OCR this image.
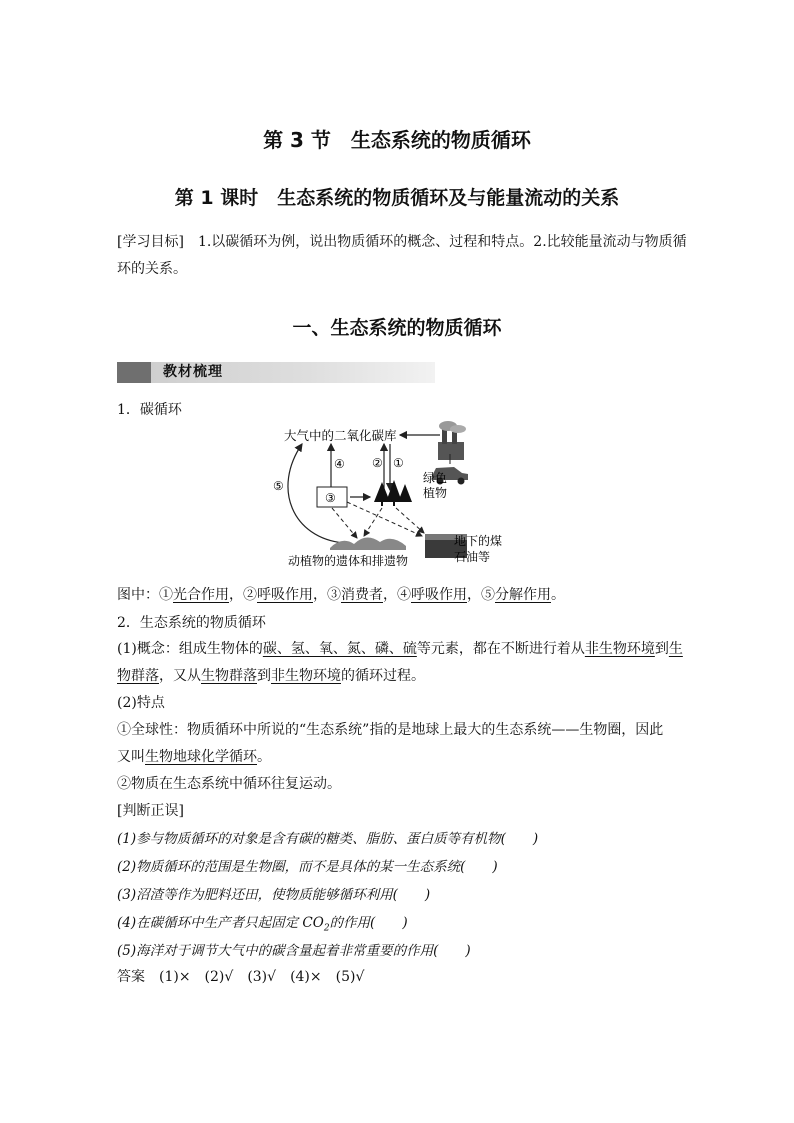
第 3 节　生态系统的物质循环
第 1 课时　生态系统的物质循环及与能量流动的关系
[学习目标]　 1.以碳循环为例，说出物质循环的概念、过程和特点。2.比较能量流动与物质循
环的关系。
一、生态系统的物质循环
教材梳理
1．碳循环
大气中的二氧化碳库
④ ② ①
⑤
③
绿色
植物
动植物的遗体和排遗物
地下的煤
石油等
图中：①光合作用，②呼吸作用，③消费者，④呼吸作用，⑤分解作用。
2．生态系统的物质循环
(1)概念：组成生物体的碳、氢、氧、氮、磷、硫等元素，都在不断进行着从非生物环境到生
物群落，又从生物群落到非生物环境的循环过程。
(2)特点
①全球性：物质循环中所说的“生态系统”指的是地球上最大的生态系统——生物圈，因此
又叫生物地球化学循环。
②物质在生态系统中循环往复运动。
[判断正误]
(1)参与物质循环的对象是含有碳的糖类、脂肪、蛋白质等有机物(　　)
(2)物质循环的范围是生物圈，而不是具体的某一生态系统(　　)
(3)沼渣等作为肥料还田，使物质能够循环利用(　　)
(4)在碳循环中生产者只起固定 $CO_2$的作用(　　)
(5)海洋对于调节大气中的碳含量起着非常重要的作用(　　)
答案　(1)×　(2)√　(3)√　(4)×　(5)√
